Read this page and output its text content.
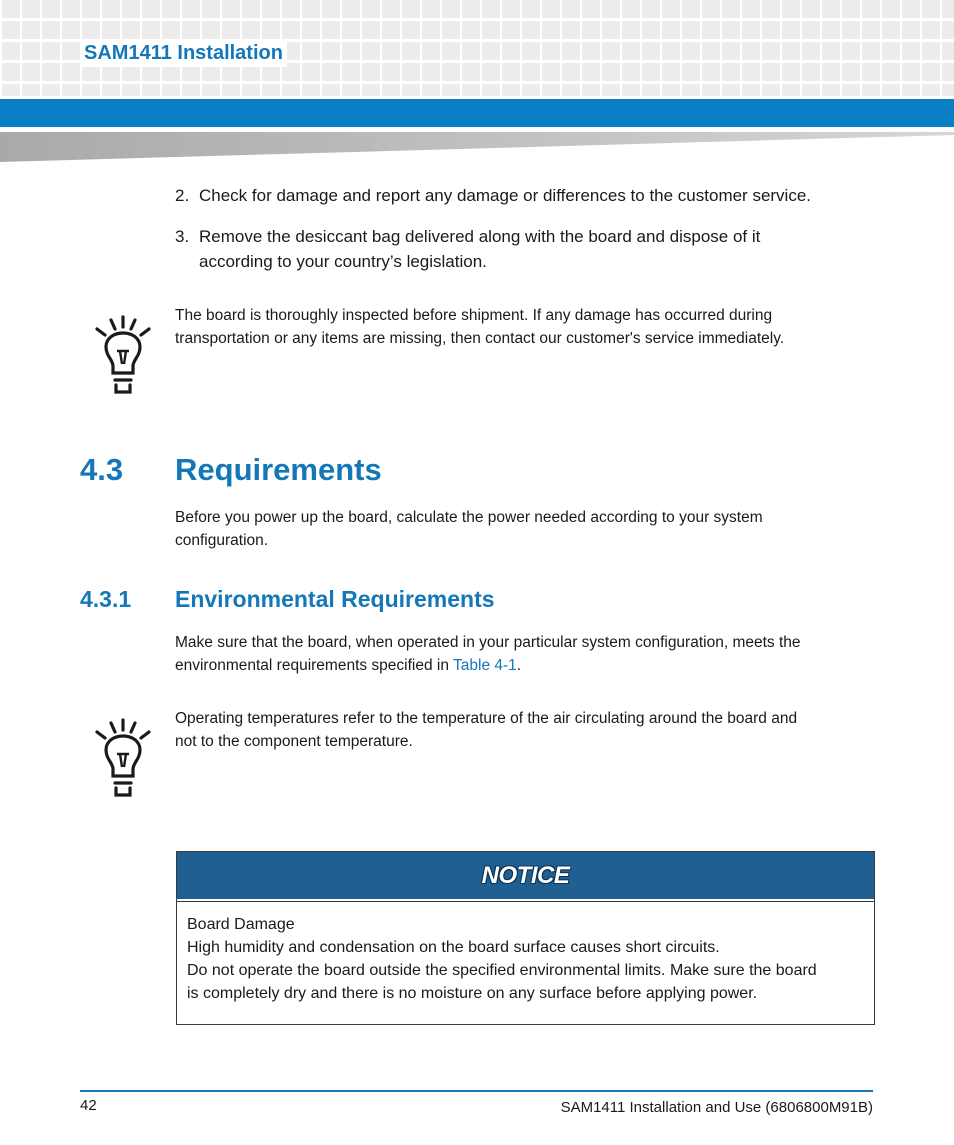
SAM1411 Installation
2. Check for damage and report any damage or differences to the customer service.
3. Remove the desiccant bag delivered along with the board and dispose of it
according to your country’s legislation.
The board is thoroughly inspected before shipment. If any damage has occurred during
transportation or any items are missing, then contact our customer's service immediately.
4.3 Requirements
Before you power up the board, calculate the power needed according to your system
configuration.
4.3.1 Environmental Requirements
Make sure that the board, when operated in your particular system configuration, meets the
environmental requirements specified in Table 4-1.
Operating temperatures refer to the temperature of the air circulating around the board and
not to the component temperature.
NOTICE
Board Damage
High humidity and condensation on the board surface causes short circuits.
Do not operate the board outside the specified environmental limits. Make sure the board
is completely dry and there is no moisture on any surface before applying power.
42	SAM1411 Installation and Use (6806800M91B)
